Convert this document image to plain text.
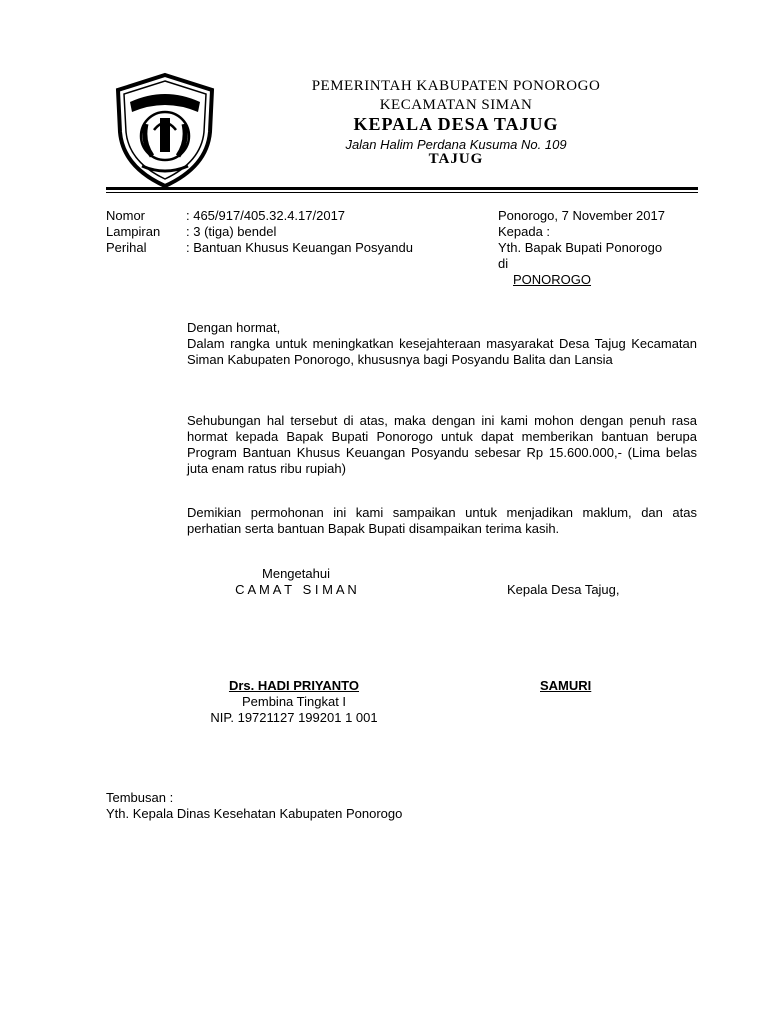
PONOROGO	PEMERINTAH KABUPATEN PONOROGO
KECAMATAN SIMAN
KEPALA DESA TAJUG
Jalan Halim Perdana Kusuma No. 109
TAJUG
Nomor	: 465/917/405.32.4.17/2017
Lampiran : 3 (tiga) bendel
Perihal	: Bantuan Khusus Keuangan Posyandu
Ponorogo, 7 November 2017
Kepada :
Yth. Bapak Bupati Ponorogo
di
PONOROGO

Dengan hormat,

Dalam rangka untuk meningkatkan kesejahteraan masyarakat Desa Tajug Kecamatan Siman Kabupaten Ponorogo, khususnya bagi Posyandu Balita dan Lansia

Sehubungan hal tersebut di atas, maka dengan ini kami mohon dengan penuh rasa hormat kepada Bapak Bupati Ponorogo untuk dapat memberikan bantuan berupa Program Bantuan Khusus Keuangan Posyandu sebesar Rp 15.600.000,- (Lima belas juta enam ratus ribu rupiah)
Demikian permohonan ini kami sampaikan untuk menjadikan maklum, dan atas perhatian serta bantuan Bapak Bupati disampaikan terima kasih.
Mengetahui
C A M A T   S I M A N	Kepala Desa Tajug,
Drs. HADI PRIYANTO
Pembina Tingkat I
NIP. 19721127 199201 1 001
SAMURI
Tembusan :
Yth. Kepala Dinas Kesehatan Kabupaten Ponorogo
